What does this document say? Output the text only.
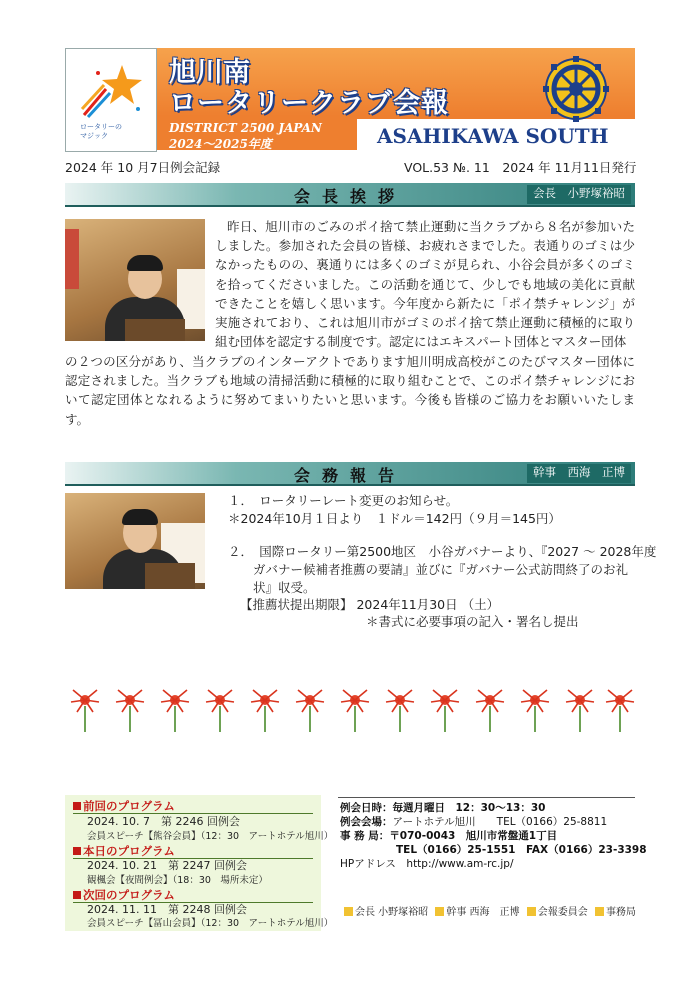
ロータリーの
マジック
旭川南
ロータリークラブ会報
DISTRICT 2500 JAPAN
2024～2025年度	ASAHIKAWA SOUTH
2024 年 10 月7日例会記録	VOL.53 №. 11　2024 年 11月11日発行
会長挨拶	会長　小野塚裕昭
昨日、旭川市のごみのポイ捨て禁止運動に当クラブから８名が参加いたしました。参加された会員の皆様、お疲れさまでした。表通りのゴミは少なかったものの、裏通りには多くのゴミが見られ、小谷会員が多くのゴミを拾ってくださいました。この活動を通じて、少しでも地域の美化に貢献できたことを嬉しく思います。今年度から新たに「ポイ禁チャレンジ」が実施されており、これは旭川市がゴミのポイ捨て禁止運動に積極的に取り組む団体を認定する制度です。認定にはエキスパート団体とマスター団体
の２つの区分があり、当クラブのインターアクトであります旭川明成高校がこのたびマスター団体に認定されました。当クラブも地域の清掃活動に積極的に取り組むことで、このポイ禁チャレンジにおいて認定団体となれるように努めてまいりたいと思います。今後も皆様のご協力をお願いいたします。
会務報告	幹事　西海　正博
１．　ロータリーレート変更のお知らせ。
＊2024年10月１日より　１ドル＝142円（９月＝145円）
２．　国際ロータリー第2500地区　小谷ガバナーより、『2027 ～ 2028年度
　　ガバナー候補者推薦の要請』並びに『ガバナー公式訪問終了のお礼
　　状』収受。
【推薦状提出期限】 2024年11月30日 （土）
＊書式に必要事項の記入・署名し提出
前回のプログラム
2024. 10. 7　第 2246 回例会
会員スピーチ【熊谷会員】（12：30　アートホテル旭川）
本日のプログラム
2024. 10. 21　第 2247 回例会
観楓会【夜間例会】（18：30　場所未定）
次回のプログラム
2024. 11. 11　第 2248 回例会
会員スピーチ【冨山会員】（12：30　アートホテル旭川）
例会日時：毎週月曜日　12：30～13：30
例会会場：アートホテル旭川　　TEL（0166）25-8811
事 務 局：〒070-0043　旭川市常盤通1丁目
TEL（0166）25-1551　FAX（0166）23-3398
HPアドレス　http://www.am-rc.jp/
会長 小野塚裕昭 幹事 西海　正博 会報委員会 事務局
